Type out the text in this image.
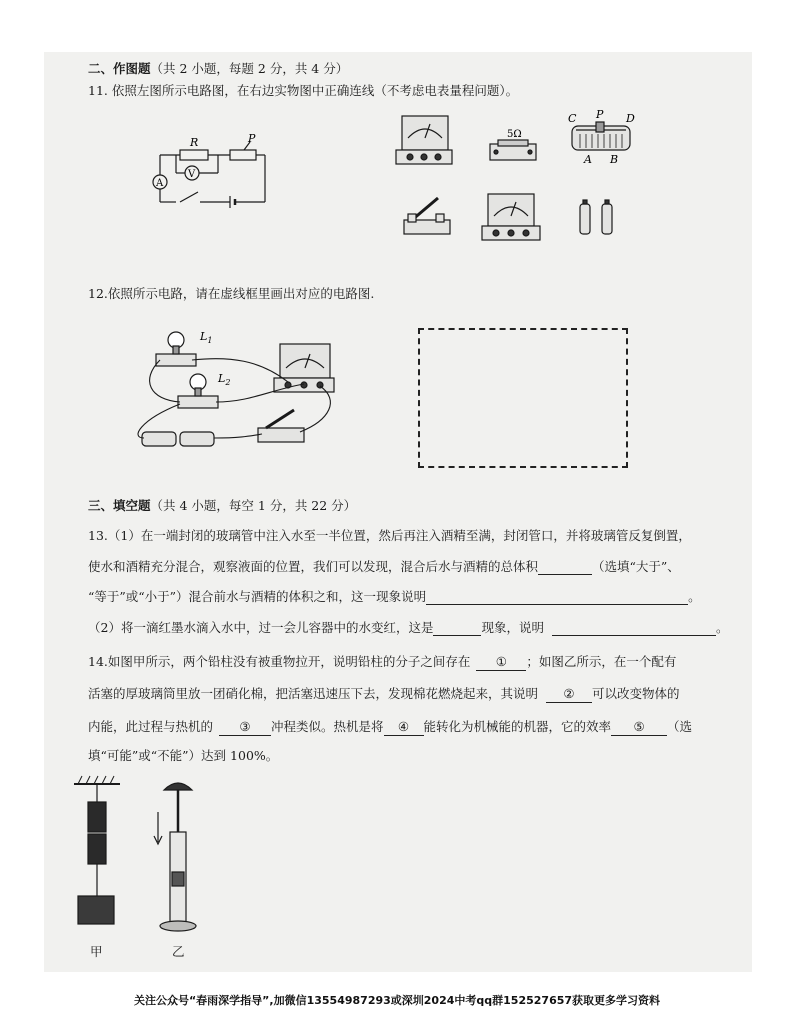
二、作图题（共 2 小题，每题 2 分，共 4 分）
11. 依照左图所示电路图，在右边实物图中正确连线（不考虑电表量程问题）。
R	P
A
V
5Ω
C P D
A B
12.依照所示电路，请在虚线框里画出对应的电路图.
$L_1$
$L_2$
三、填空题（共 4 小题，每空 1 分，共 22 分）
13.（1）在一端封闭的玻璃管中注入水至一半位置，然后再注入酒精至满，封闭管口，并将玻璃管反复倒置，
使水和酒精充分混合，观察液面的位置，我们可以发现，混合后水与酒精的总体积	（选填“大于”、
“等于”或“小于”）混合前水与酒精的体积之和，这一现象说明	。
（2）将一滴红墨水滴入水中，过一会儿容器中的水变红，这是	现象，说明	。
14.如图甲所示，两个铅柱没有被重物拉开，说明铅柱的分子之间存在 ① ；如图乙所示，在一个配有
活塞的厚玻璃筒里放一团硝化棉，把活塞迅速压下去，发现棉花燃烧起来，其说明 ② 可以改变物体的
内能，此过程与热机的 ③ 冲程类似。热机是将 ④ 能转化为机械能的机器，它的效率 ⑤ （选
填“可能”或“不能”）达到 100%。
甲	乙
关注公众号“春雨深学指导”,加微信13554987293或深圳2024中考qq群152527657获取更多学习资料
